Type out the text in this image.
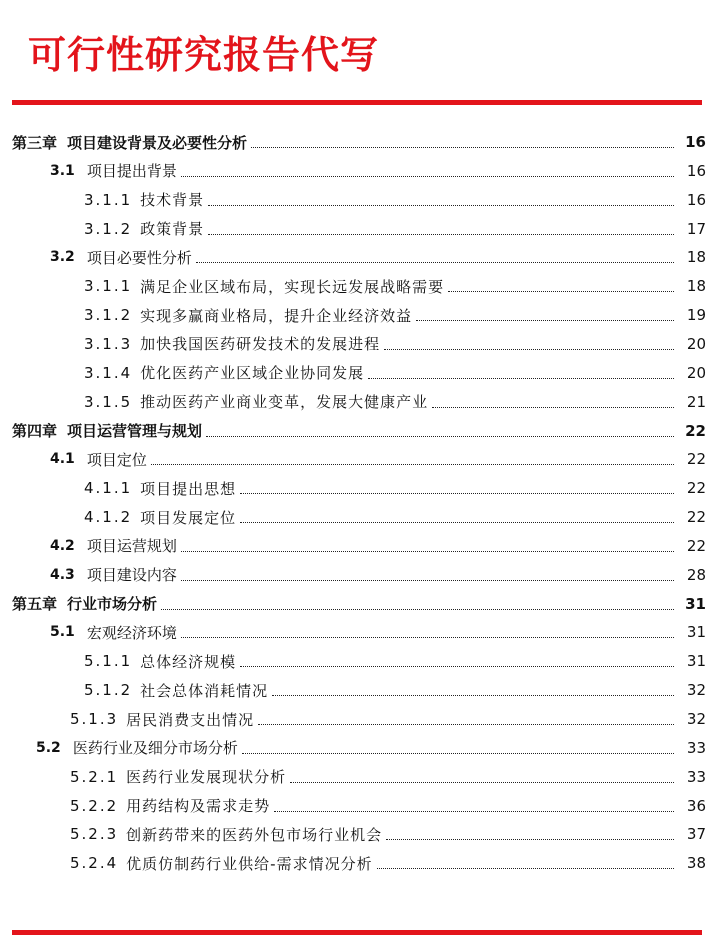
可行性研究报告代写
第三章 项目建设背景及必要性分析	16
3.1 项目提出背景	16
3.1.1 技术背景	16
3.1.2 政策背景	17
3.2 项目必要性分析	18
3.1.1 满足企业区域布局，实现长远发展战略需要	18
3.1.2 实现多赢商业格局，提升企业经济效益	19
3.1.3 加快我国医药研发技术的发展进程	20
3.1.4 优化医药产业区域企业协同发展	20
3.1.5 推动医药产业商业变革，发展大健康产业	21
第四章 项目运营管理与规划	22
4.1 项目定位	22
4.1.1 项目提出思想	22
4.1.2 项目发展定位	22
4.2 项目运营规划	22
4.3 项目建设内容	28
第五章 行业市场分析	31
5.1 宏观经济环境	31
5.1.1 总体经济规模	31
5.1.2 社会总体消耗情况	32
5.1.3 居民消费支出情况	32
5.2 医药行业及细分市场分析	33
5.2.1 医药行业发展现状分析	33
5.2.2 用药结构及需求走势	36
5.2.3 创新药带来的医药外包市场行业机会	37
5.2.4 优质仿制药行业供给-需求情况分析	38
